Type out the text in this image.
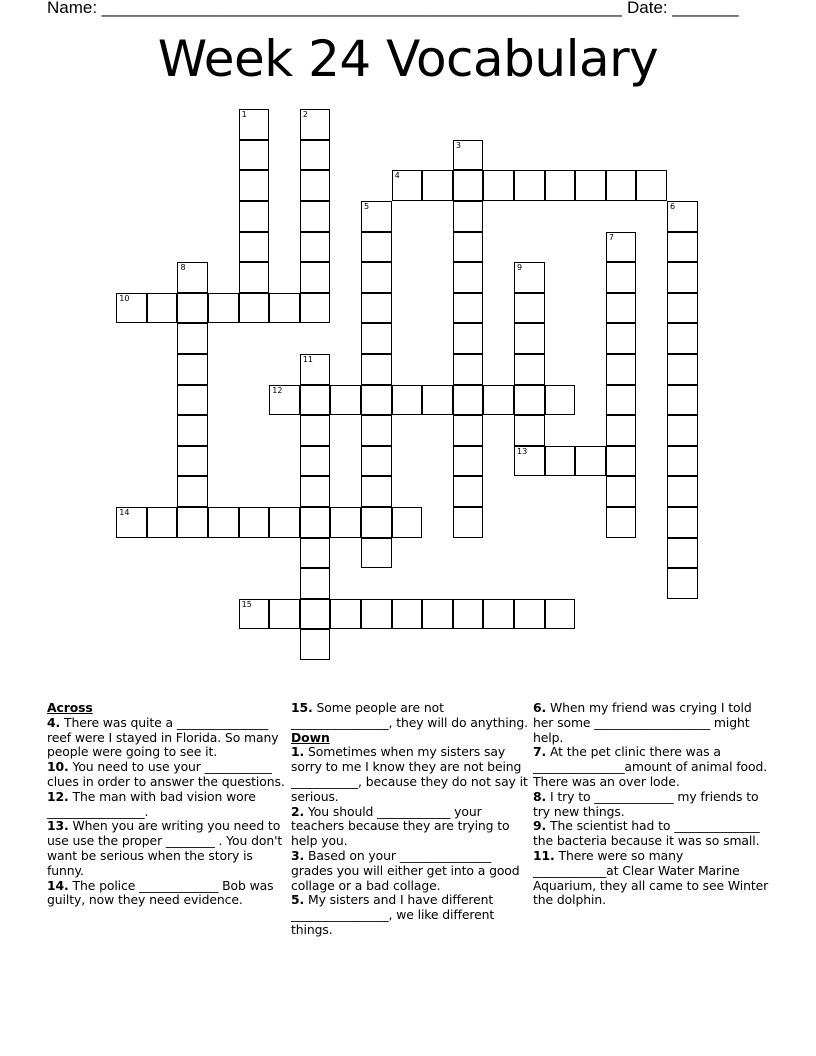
Name: _______________________________________________________ Date: _______
Week 24 Vocabulary
1	2
3
4
5	6
7
8	9
13
10
11
12
14
15
Across
4. There was quite a _______________ reef were I stayed in Florida. So many people were going to see it.
10. You need to use your ___________ clues in order to answer the questions.
12. The man with bad vision wore ________________.
13. When you are writing you need to use use the proper ________ . You don't want be serious when the story is funny.
14. The police _____________ Bob was guilty, now they need evidence.
15. Some people are not ________________, they will do anything.
Down
1. Sometimes when my sisters say sorry to me I know they are not being ___________, because they do not say it serious.
2. You should ____________ your teachers because they are trying to help you.
3. Based on your _______________ grades you will either get into a good collage or a bad collage.
5. My sisters and I have different ________________, we like different things.
6. When my friend was crying I told her some ___________________ might help.
7. At the pet clinic there was a _______________amount of animal food. There was an over lode.
8. I try to _____________ my friends to try new things.
9. The scientist had to ______________ the bacteria because it was so small.
11. There were so many ____________at Clear Water Marine Aquarium, they all came to see Winter the dolphin.
